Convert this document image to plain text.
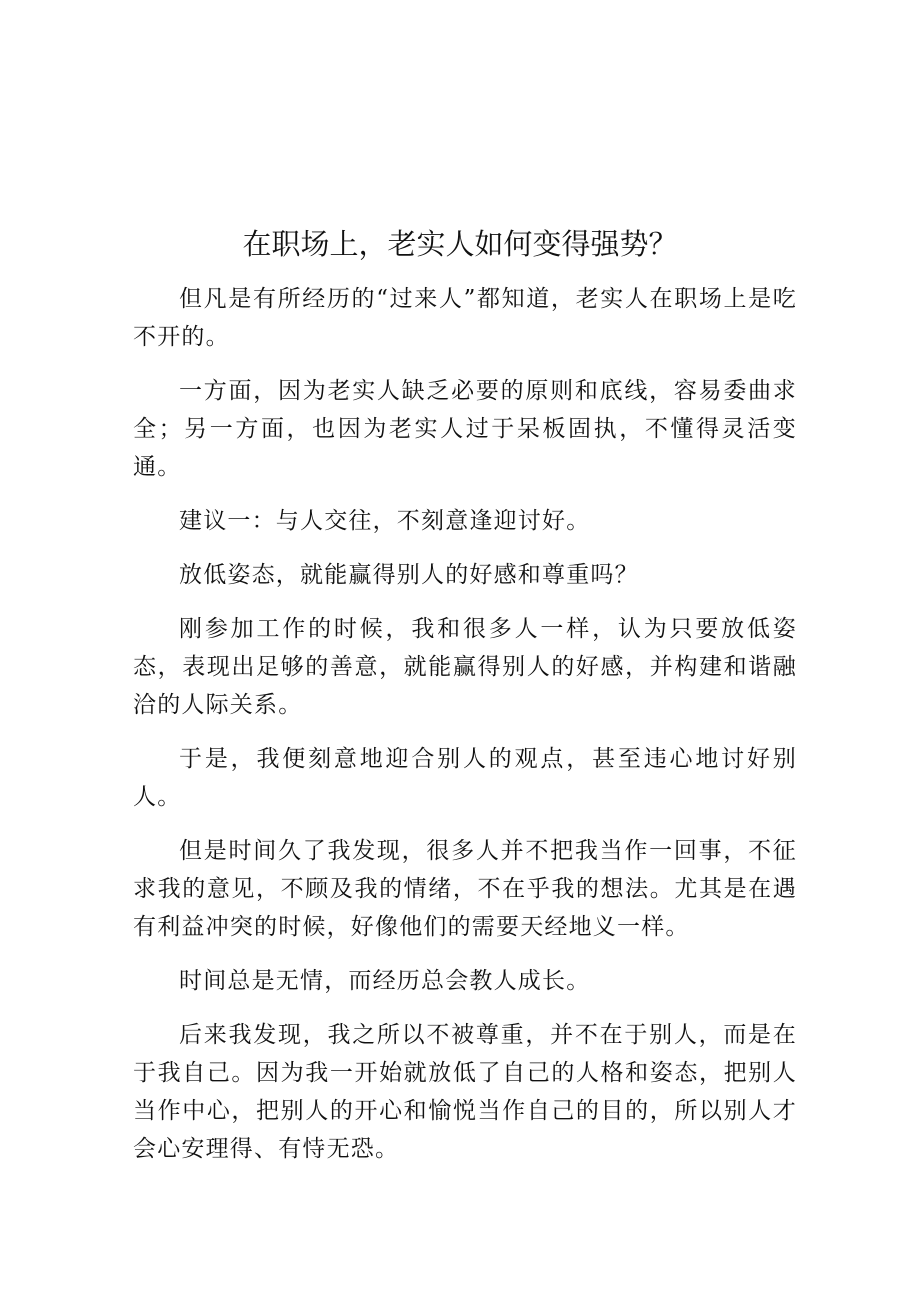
在职场上，老实人如何变得强势？

但凡是有所经历的“过来人”都知道，老实人在职场上是吃不开的。

一方面，因为老实人缺乏必要的原则和底线，容易委曲求全；另一方面，也因为老实人过于呆板固执，不懂得灵活变通。

建议一：与人交往，不刻意逢迎讨好。

放低姿态，就能赢得别人的好感和尊重吗？

刚参加工作的时候，我和很多人一样，认为只要放低姿态，表现出足够的善意，就能赢得别人的好感，并构建和谐融洽的人际关系。

于是，我便刻意地迎合别人的观点，甚至违心地讨好别人。

但是时间久了我发现，很多人并不把我当作一回事，不征求我的意见，不顾及我的情绪，不在乎我的想法。尤其是在遇有利益冲突的时候，好像他们的需要天经地义一样。

时间总是无情，而经历总会教人成长。

后来我发现，我之所以不被尊重，并不在于别人，而是在于我自己。因为我一开始就放低了自己的人格和姿态，把别人当作中心，把别人的开心和愉悦当作自己的目的，所以别人才会心安理得、有恃无恐。
